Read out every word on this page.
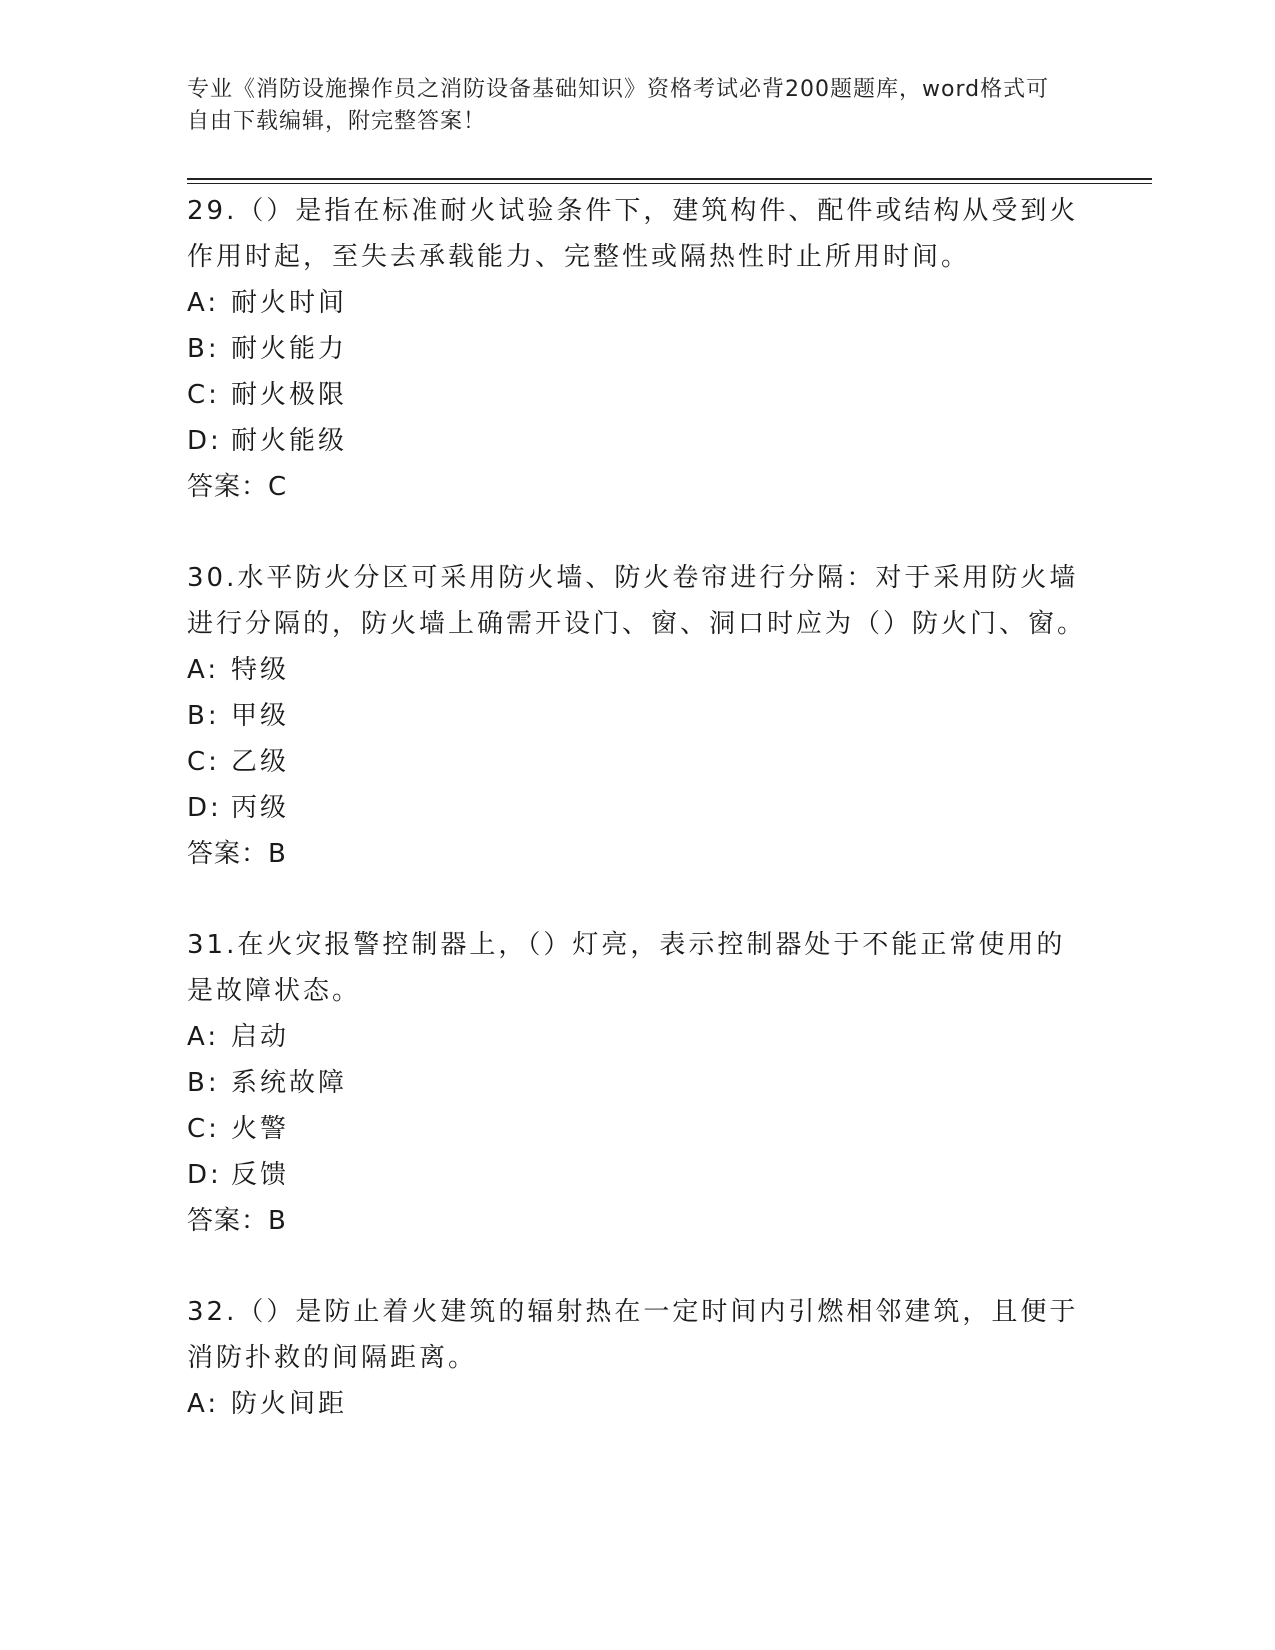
专业《消防设施操作员之消防设备基础知识》资格考试必背200题题库，word格式可自由下载编辑，附完整答案！

29.（）是指在标准耐火试验条件下，建筑构件、配件或结构从受到火作用时起，至失去承载能力、完整性或隔热性时止所用时间。

A: 耐火时间

B: 耐火能力

C: 耐火极限

D: 耐火能级

答案：C

30.水平防火分区可采用防火墙、防火卷帘进行分隔：对于采用防火墙进行分隔的，防火墙上确需开设门、窗、洞口时应为（）防火门、窗。

A: 特级

B: 甲级

C: 乙级

D: 丙级

答案：B

31.在火灾报警控制器上，（）灯亮，表示控制器处于不能正常使用的是故障状态。

A: 启动

B: 系统故障

C: 火警

D: 反馈

答案：B

32.（）是防止着火建筑的辐射热在一定时间内引燃相邻建筑，且便于消防扑救的间隔距离。

A: 防火间距
